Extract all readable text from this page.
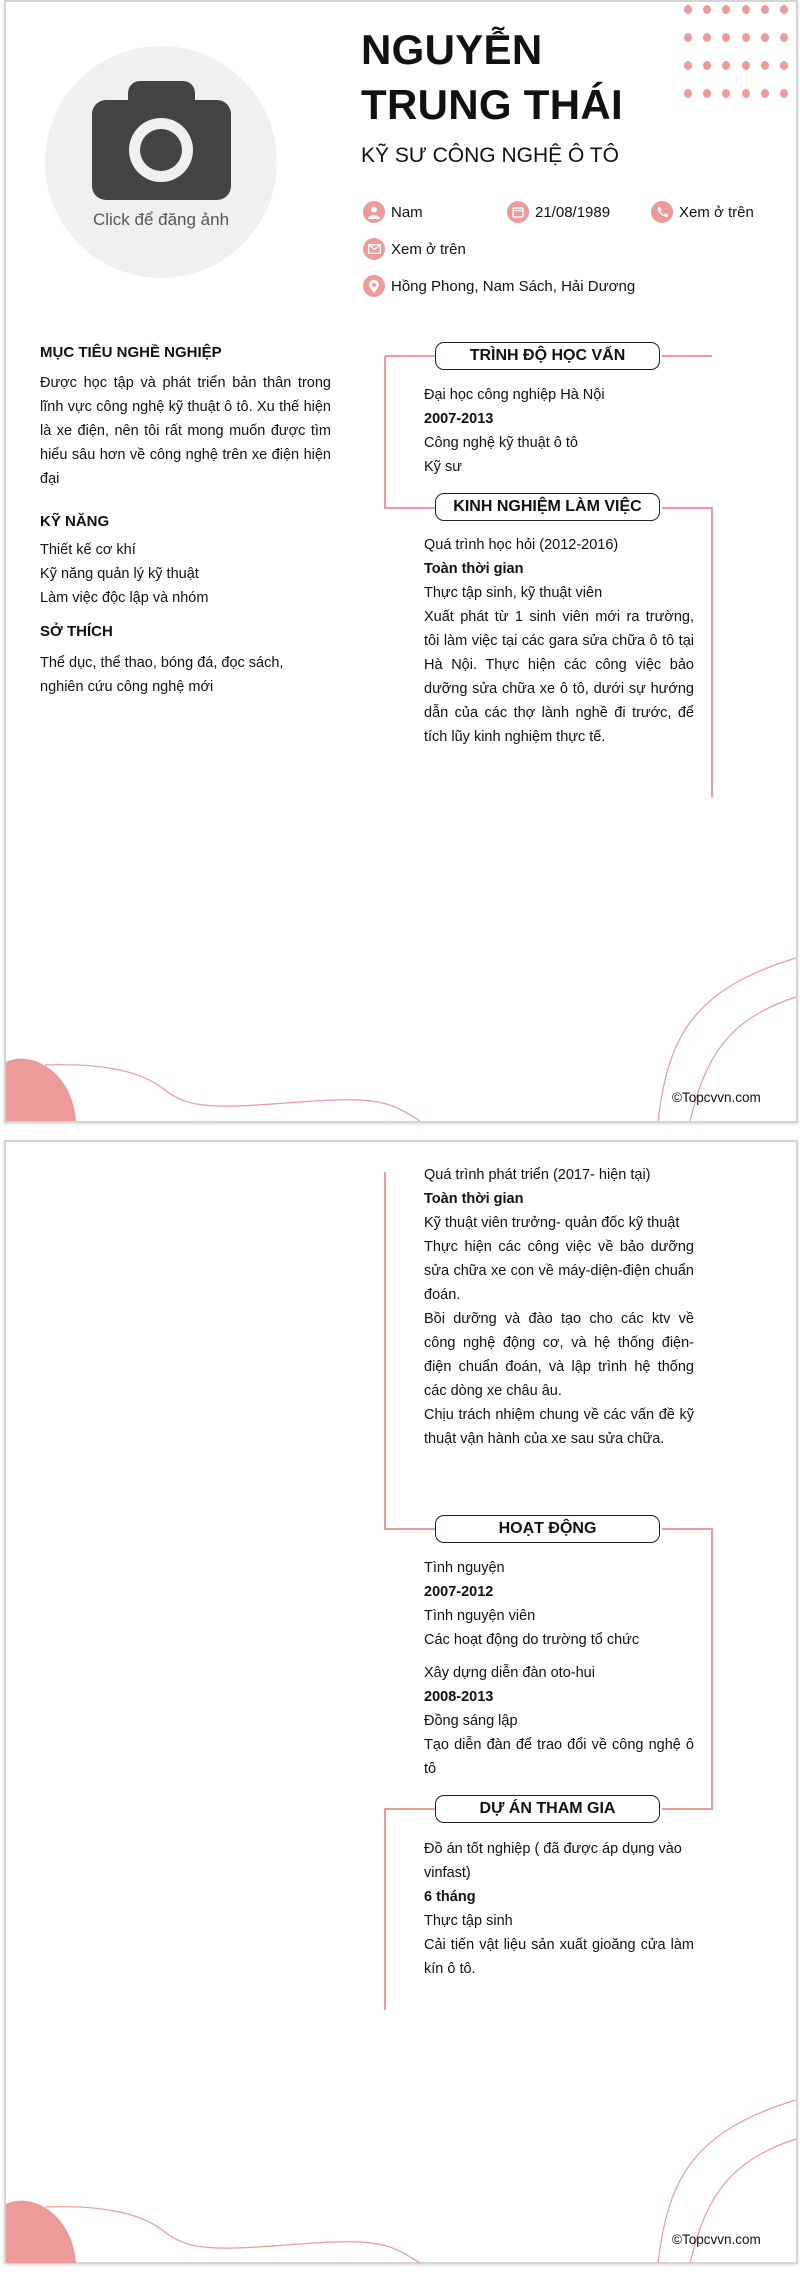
Click để đăng ảnh
NGUYỄN
TRUNG THÁI
KỸ SƯ CÔNG NGHỆ Ô TÔ
Nam	21/08/1989	Xem ở trên
Xem ở trên
Hồng Phong, Nam Sách, Hải Dương
MỤC TIÊU NGHỀ NGHIỆP
Được học tập và phát triển bản thân trong lĩnh vực công nghệ kỹ thuật ô tô. Xu thế hiện là xe điện, nên tôi rất mong muốn được tìm hiểu sâu hơn về công nghệ trên xe điện hiện đại
KỸ NĂNG
Thiết kế cơ khí
Kỹ năng quản lý kỹ thuật
Làm việc độc lập và nhóm
SỞ THÍCH
Thể dục, thể thao, bóng đá, đọc sách, nghiên cứu công nghệ mới
TRÌNH ĐỘ HỌC VẤN
Đại học công nghiệp Hà Nội
2007-2013
Công nghệ kỹ thuật ô tô
Kỹ sư
KINH NGHIỆM LÀM VIỆC
Quá trình học hỏi (2012-2016)
Toàn thời gian
Thực tập sinh, kỹ thuật viên
Xuất phát từ 1 sinh viên mới ra trường, tôi làm việc tại các gara sửa chữa ô tô tại Hà Nội. Thực hiện các công việc bảo dưỡng sửa chữa xe ô tô, dưới sự hướng dẫn của các thợ lành nghề đi trước, để tích lũy kinh nghiệm thực tế.
©Topcvvn.com
Quá trình phát triển (2017- hiện tại)
Toàn thời gian
Kỹ thuật viên trưởng- quản đốc kỹ thuật
Thực hiện các công việc về bảo dưỡng sửa chữa xe con về máy-diện-điện chuẩn đoán.
Bồi dưỡng và đào tạo cho các ktv về công nghệ động cơ, và hệ thống điện-điện chuẩn đoán, và lập trình hệ thống các dòng xe châu âu.
Chịu trách nhiệm chung về các vấn đề kỹ thuật vận hành của xe sau sửa chữa.
HOẠT ĐỘNG
Tình nguyện
2007-2012
Tình nguyện viên
Các hoạt động do trường tổ chức
Xây dựng diễn đàn oto-hui
2008-2013
Đồng sáng lập
Tạo diễn đàn để trao đổi về công nghệ ô tô
DỰ ÁN THAM GIA
Đồ án tốt nghiệp ( đã được áp dụng vào vinfast)
6 tháng
Thực tập sinh
Cải tiến vật liệu sản xuất gioăng cửa làm kín ô tô.
©Topcvvn.com
